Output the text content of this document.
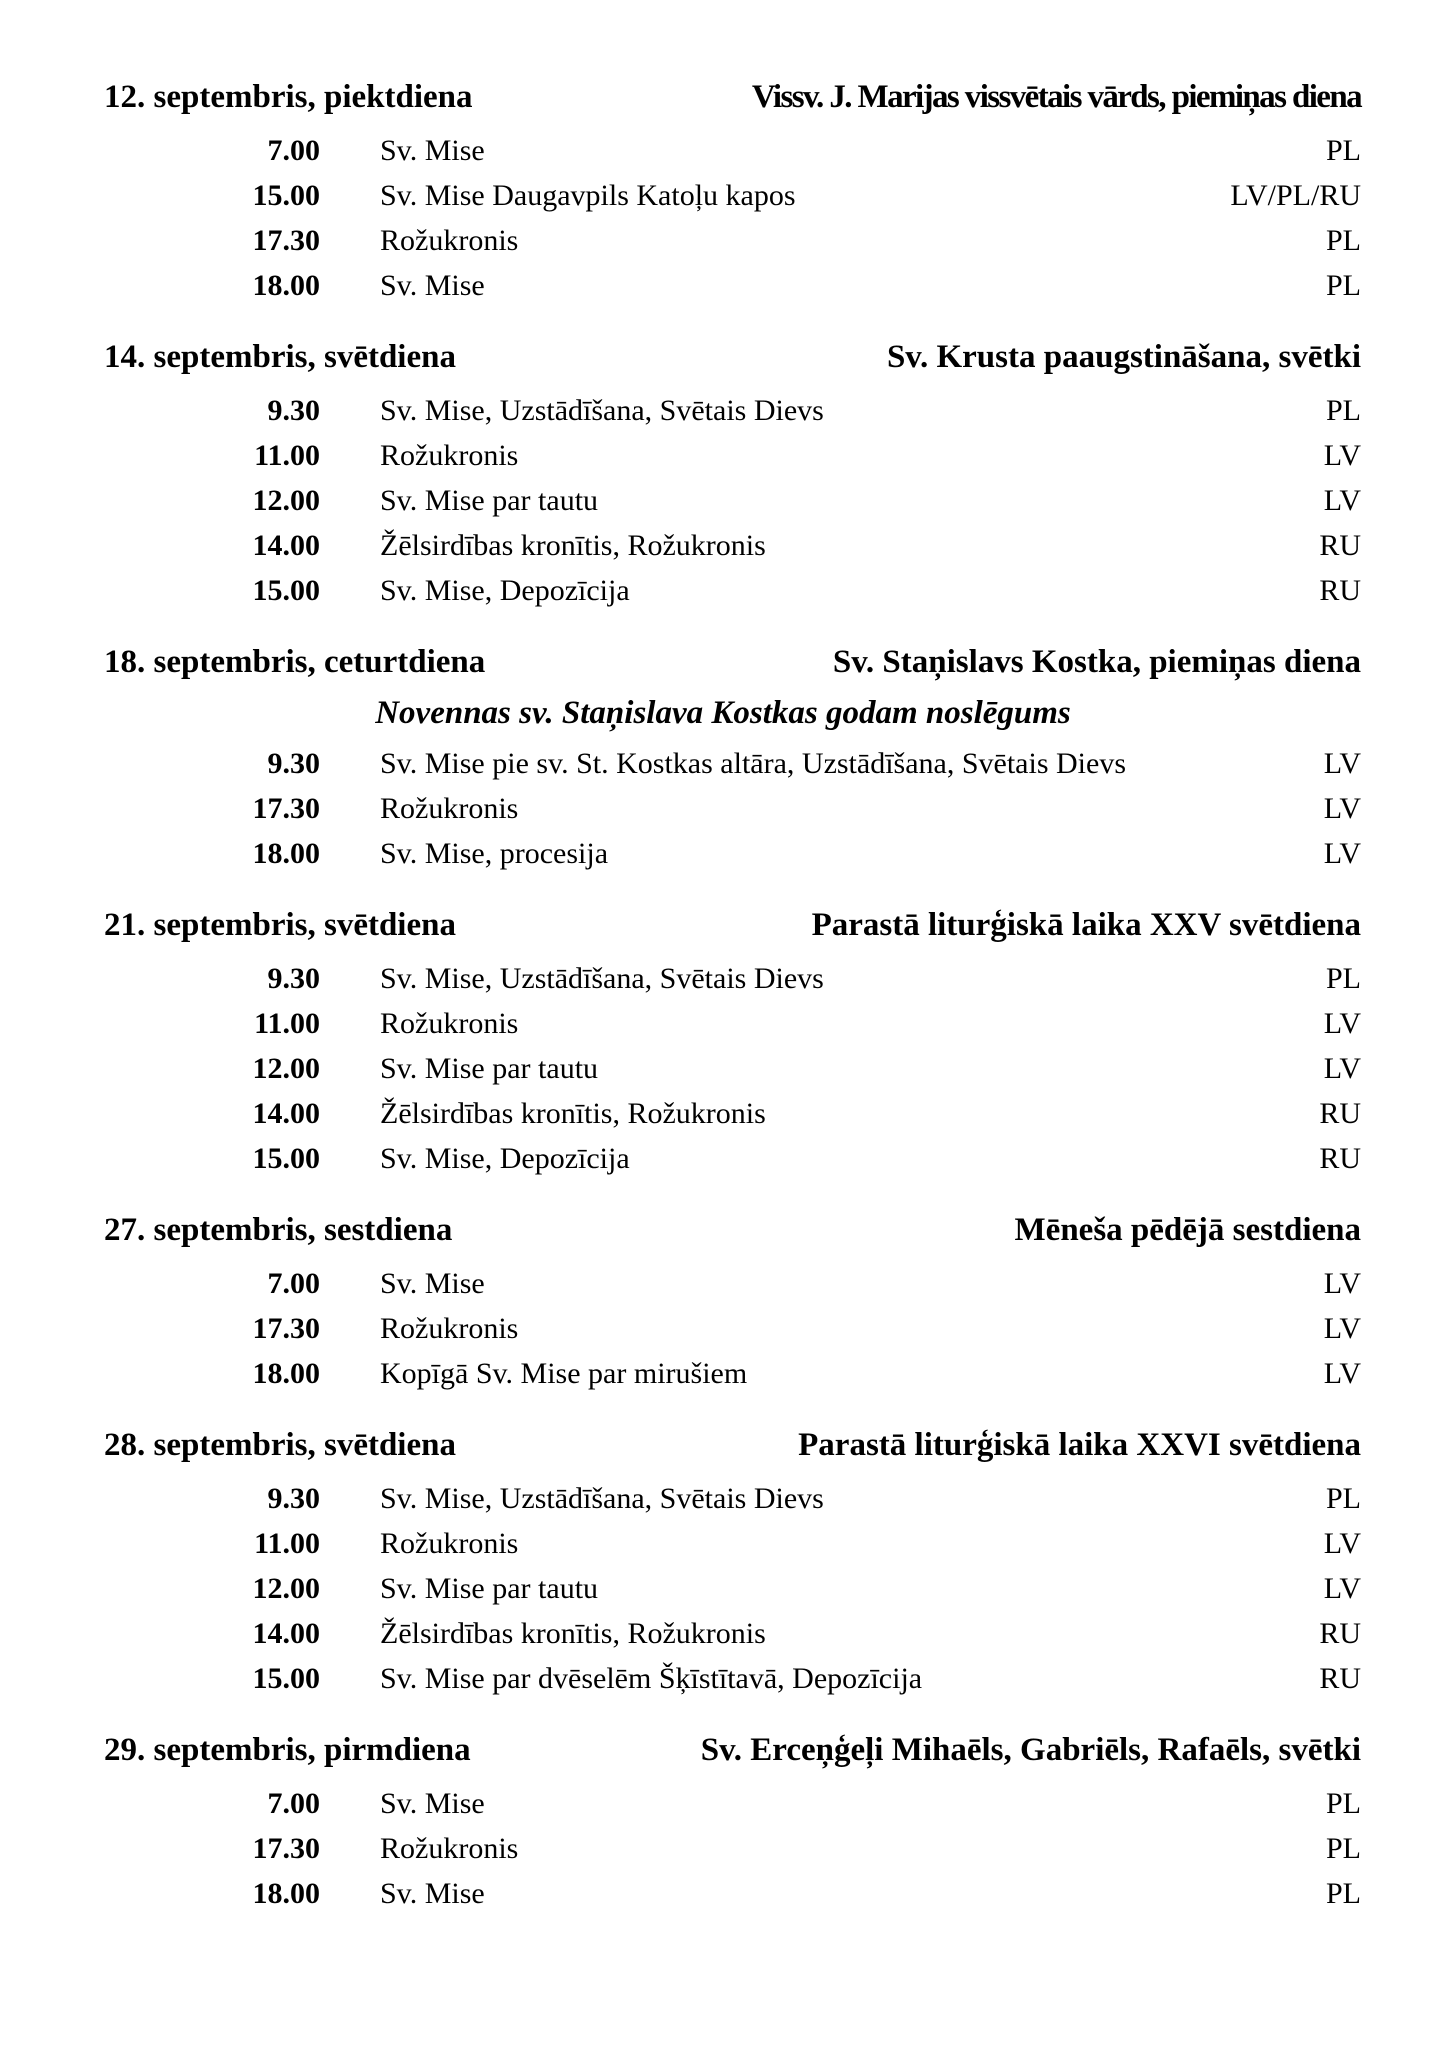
12. septembris, piektdiena	Vissv. J. Marijas vissvētais vārds, piemiņas diena
7.00 Sv. Mise	PL
15.00 Sv. Mise Daugavpils Katoļu kapos	LV/PL/RU
17.30 Rožukronis	PL
18.00 Sv. Mise	PL
14. septembris, svētdiena	Sv. Krusta paaugstināšana, svētki
9.30 Sv. Mise, Uzstādīšana, Svētais Dievs	PL
11.00 Rožukronis	LV
12.00 Sv. Mise par tautu	LV
14.00 Žēlsirdības kronītis, Rožukronis	RU
15.00 Sv. Mise, Depozīcija	RU
18. septembris, ceturtdiena	Sv. Staņislavs Kostka, piemiņas diena
Novennas sv. Staņislava Kostkas godam noslēgums
9.30 Sv. Mise pie sv. St. Kostkas altāra, Uzstādīšana, Svētais Dievs	LV
17.30 Rožukronis	LV
18.00 Sv. Mise, procesija	LV
21. septembris, svētdiena	Parastā liturģiskā laika XXV svētdiena
9.30 Sv. Mise, Uzstādīšana, Svētais Dievs	PL
11.00 Rožukronis	LV
12.00 Sv. Mise par tautu	LV
14.00 Žēlsirdības kronītis, Rožukronis	RU
15.00 Sv. Mise, Depozīcija	RU
27. septembris, sestdiena	Mēneša pēdējā sestdiena
7.00 Sv. Mise	LV
17.30 Rožukronis	LV
18.00 Kopīgā Sv. Mise par mirušiem	LV
28. septembris, svētdiena	Parastā liturģiskā laika XXVI svētdiena
9.30 Sv. Mise, Uzstādīšana, Svētais Dievs	PL
11.00 Rožukronis	LV
12.00 Sv. Mise par tautu	LV
14.00 Žēlsirdības kronītis, Rožukronis	RU
15.00 Sv. Mise par dvēselēm Šķīstītavā, Depozīcija	RU
29. septembris, pirmdiena	Sv. Erceņģeļi Mihaēls, Gabriēls, Rafaēls, svētki
7.00 Sv. Mise	PL
17.30 Rožukronis	PL
18.00 Sv. Mise	PL
